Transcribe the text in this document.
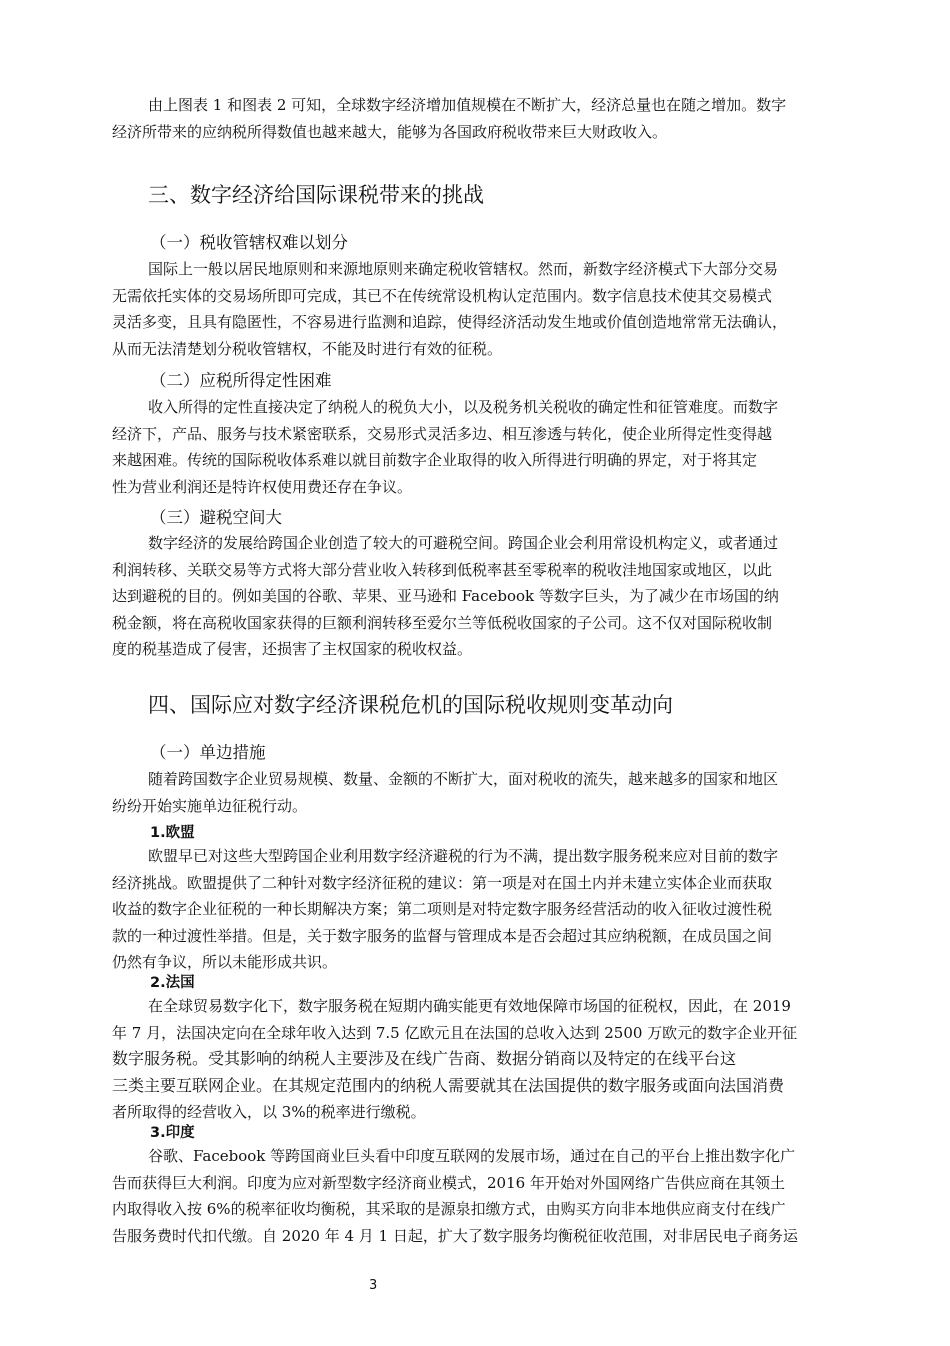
由上图表 1 和图表 2 可知，全球数字经济增加值规模在不断扩大，经济总量也在随之增加。数字
经济所带来的应纳税所得数值也越来越大，能够为各国政府税收带来巨大财政收入。
三、数字经济给国际课税带来的挑战
（一）税收管辖权难以划分
国际上一般以居民地原则和来源地原则来确定税收管辖权。然而，新数字经济模式下大部分交易
无需依托实体的交易场所即可完成，其已不在传统常设机构认定范围内。数字信息技术使其交易模式
灵活多变，且具有隐匿性，不容易进行监测和追踪，使得经济活动发生地或价值创造地常常无法确认，
从而无法清楚划分税收管辖权，不能及时进行有效的征税。
（二）应税所得定性困难
收入所得的定性直接决定了纳税人的税负大小，以及税务机关税收的确定性和征管难度。而数字
经济下，产品、服务与技术紧密联系，交易形式灵活多边、相互渗透与转化，使企业所得定性变得越
来越困难。传统的国际税收体系难以就目前数字企业取得的收入所得进行明确的界定，对于将其定
性为营业利润还是特许权使用费还存在争议。
（三）避税空间大
数字经济的发展给跨国企业创造了较大的可避税空间。跨国企业会利用常设机构定义，或者通过
利润转移、关联交易等方式将大部分营业收入转移到低税率甚至零税率的税收洼地国家或地区，以此
达到避税的目的。例如美国的谷歌、苹果、亚马逊和 Facebook 等数字巨头，为了减少在市场国的纳
税金额，将在高税收国家获得的巨额利润转移至爱尔兰等低税收国家的子公司。这不仅对国际税收制
度的税基造成了侵害，还损害了主权国家的税收权益。
四、国际应对数字经济课税危机的国际税收规则变革动向
（一）单边措施
随着跨国数字企业贸易规模、数量、金额的不断扩大，面对税收的流失，越来越多的国家和地区
纷纷开始实施单边征税行动。
1.欧盟
欧盟早已对这些大型跨国企业利用数字经济避税的行为不满，提出数字服务税来应对目前的数字
经济挑战。欧盟提供了二种针对数字经济征税的建议：第一项是对在国土内并未建立实体企业而获取
收益的数字企业征税的一种长期解决方案；第二项则是对特定数字服务经营活动的收入征收过渡性税
款的一种过渡性举措。但是，关于数字服务的监督与管理成本是否会超过其应纳税额，在成员国之间
仍然有争议，所以未能形成共识。
2.法国
在全球贸易数字化下，数字服务税在短期内确实能更有效地保障市场国的征税权，因此，在 2019
年 7 月，法国决定向在全球年收入达到 7.5 亿欧元且在法国的总收入达到 2500 万欧元的数字企业开征
数字服务税。受其影响的纳税人主要涉及在线广告商、数据分销商以及特定的在线平台这
三类主要互联网企业。在其规定范围内的纳税人需要就其在法国提供的数字服务或面向法国消费
者所取得的经营收入，以 3%的税率进行缴税。
3.印度
谷歌、Facebook 等跨国商业巨头看中印度互联网的发展市场，通过在自己的平台上推出数字化广
告而获得巨大利润。印度为应对新型数字经济商业模式，2016 年开始对外国网络广告供应商在其领土
内取得收入按 6%的税率征收均衡税，其采取的是源泉扣缴方式，由购买方向非本地供应商支付在线广
告服务费时代扣代缴。自 2020 年 4 月 1 日起，扩大了数字服务均衡税征收范围，对非居民电子商务运
3
